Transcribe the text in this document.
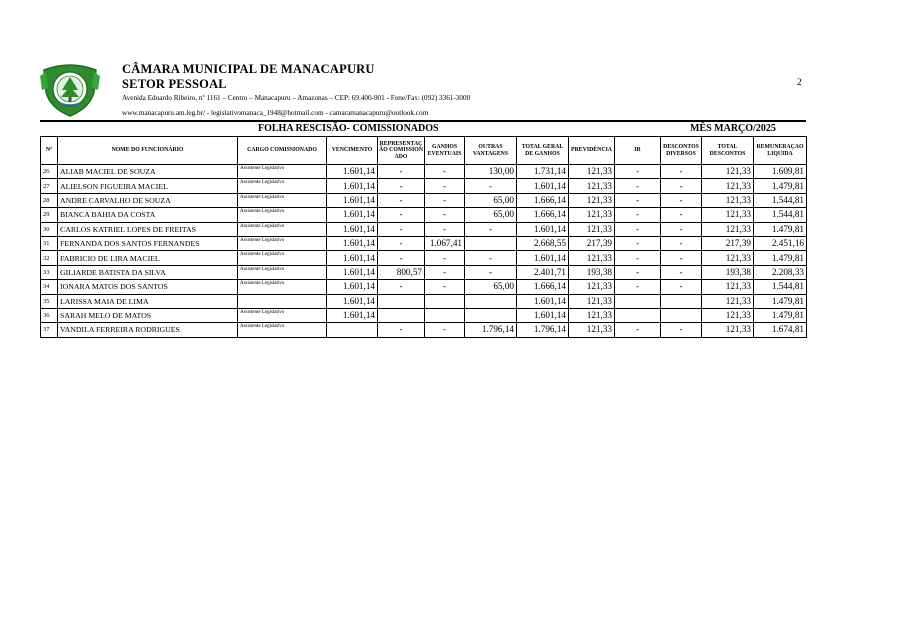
CÂMARA MUNICIPAL DE MANACAPURU
SETOR PESSOAL
Avenida Eduardo Ribeiro, nº 1161 – Centro – Manacapuru – Amazonas – CEP: 69.400-901 - Fone/Fax: (092) 3361-3000
www.manacapuru.am.leg.br/ - legislativomanaca_1948@hotmail.com - camaramanacapuru@outlook.com
2
FOLHA RESCISÃO- COMISSIONADOS	MÊS MARÇO/2025
Nº	NOME DO FUNCIONÁRIO	CARGO COMISSIONADO	VENCIMENTO	REPRESENTAÇÃO COMISSIONADO	GANHOS EVENTUAIS	OUTRAS VANTAGENS	TOTAL GERAL DE GANHOS	PREVIDÊNCIA	IR	DESCONTOS DIVERSOS	TOTAL DESCONTOS	REMUNERAÇAO LIQUIDA
26	ALIAB MACIEL DE SOUZA	Assistente Legislativo	1.601,14	-	-	130,00	1.731,14	121,33	-	-	121,33	1.609,81
27	ALIELSON FIGUEIRA MACIEL	Assistente Legislativo	1.601,14	-	-	-	1.601,14	121,33	-	-	121,33	1.479,81
28	ANDRE CARVALHO DE SOUZA	Assistente Legislativo	1.601,14	-	-	65,00	1.666,14	121,33	-	-	121,33	1.544,81
29	BIANCA BAHIA DA COSTA	Assistente Legislativo	1.601,14	-	-	65,00	1.666,14	121,33	-	-	121,33	1.544,81
30	CARLOS KATRIEL LOPES DE FREITAS	Assistente Legislativo	1.601,14	-	-	-	1.601,14	121,33	-	-	121,33	1.479,81
31	FERNANDA DOS SANTOS FERNANDES	Assistente Legislativo	1.601,14	-	1.067,41		2.668,55	217,39	-	-	217,39	2.451,16
32	FABRICIO DE LIRA MACIEL	Assistente Legislativo	1.601,14	-	-	-	1.601,14	121,33	-	-	121,33	1.479,81
33	GILIARDE BATISTA DA SILVA	Assistente Legislativo	1.601,14	800,57	-	-	2.401,71	193,38	-	-	193,38	2.208,33
34	IONARA MATOS DOS SANTOS	Assistente Legislativo	1.601,14	-	-	65,00	1.666,14	121,33	-	-	121,33	1.544,81
35	LARISSA MAIA DE LIMA		1.601,14				1.601,14	121,33			121,33	1.479,81
36	SARAH MELO DE MATOS	Assistente Legislativo	1.601,14				1.601,14	121,33			121,33	1.479,81
37	VANDILA FERREIRA RODRIGUES	Assistente Legislativo		-	-	1.796,14	1.796,14	121,33	-	-	121,33	1.674,81
